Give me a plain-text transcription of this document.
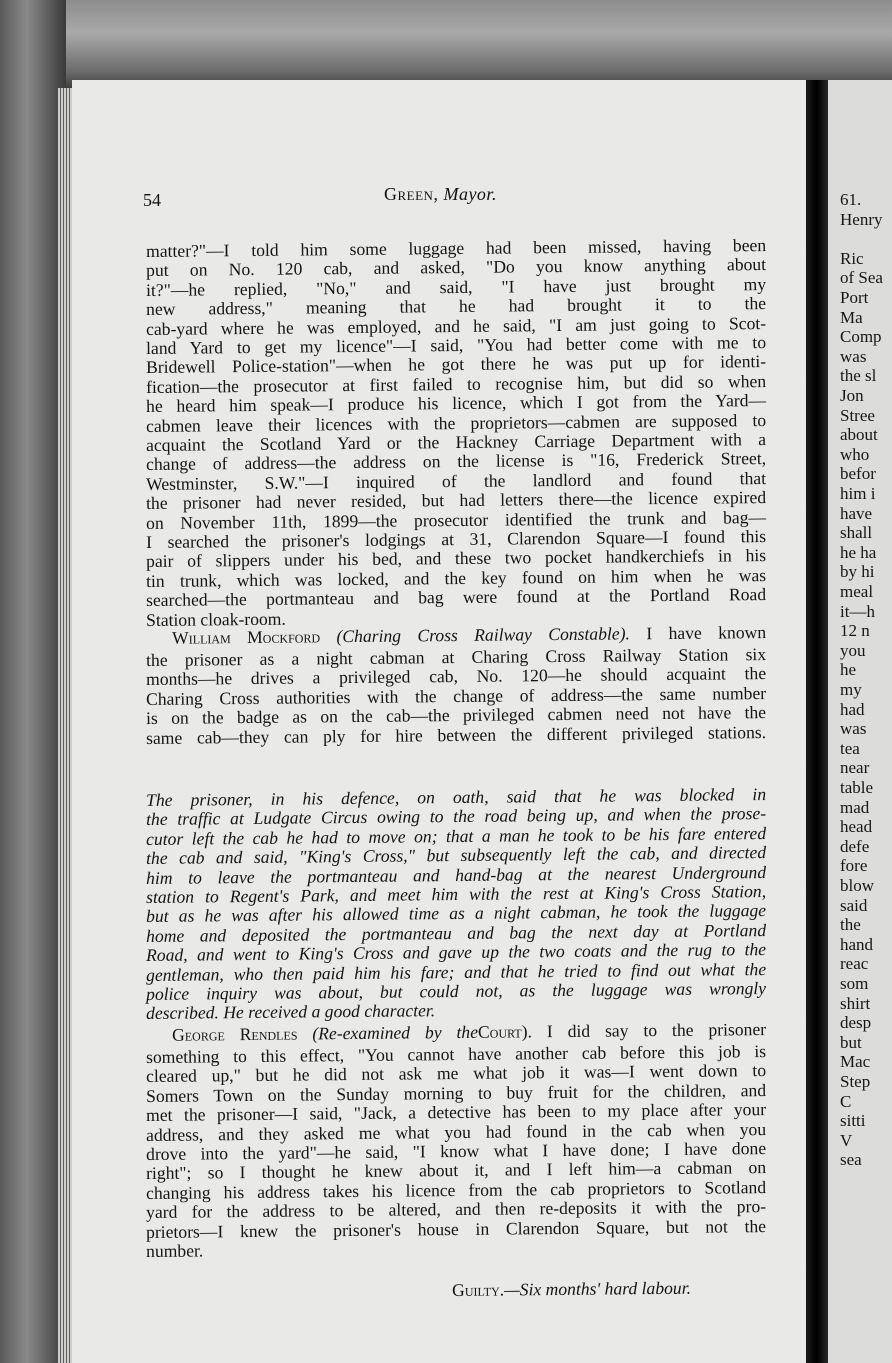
61.
Henry
Ric
of Sea
Port
Ma
Comp
was
the sl
Jon
Stree
about
who
befor
him i
have
shall
he ha
by hi
meal
it—h
12 n
you
he
my
had
was
tea
near
table
mad
head
defe
fore
blow
said
the
hand
reac
som
shirt
desp
but
Mac
Step
C
sitti
V
sea
54	Green, Mayor.
matter?"—I told him some luggage had been missed, having been
put on No. 120 cab, and asked, "Do you know anything about
it?"—he replied, "No," and said, "I have just brought my
new address," meaning that he had brought it to the
cab-yard where he was employed, and he said, "I am just going to Scot-
land Yard to get my licence"—I said, "You had better come with me to
Bridewell Police-station"—when he got there he was put up for identi-
fication—the prosecutor at first failed to recognise him, but did so when
he heard him speak—I produce his licence, which I got from the Yard—
cabmen leave their licences with the proprietors—cabmen are supposed to
acquaint the Scotland Yard or the Hackney Carriage Department with a
change of address—the address on the license is "16, Frederick Street,
Westminster, S.W."—I inquired of the landlord and found that
the prisoner had never resided, but had letters there—the licence expired
on November 11th, 1899—the prosecutor identified the trunk and bag—
I searched the prisoner's lodgings at 31, Clarendon Square—I found this
pair of slippers under his bed, and these two pocket handkerchiefs in his
tin trunk, which was locked, and the key found on him when he was
searched—the portmanteau and bag were found at the Portland Road
Station cloak-room.
William Mockford (Charing Cross Railway Constable). I have known
the prisoner as a night cabman at Charing Cross Railway Station six
months—he drives a privileged cab, No. 120—he should acquaint the
Charing Cross authorities with the change of address—the same number
is on the badge as on the cab—the privileged cabmen need not have the
same cab—they can ply for hire between the different privileged stations.
The prisoner, in his defence, on oath, said that he was blocked in
the traffic at Ludgate Circus owing to the road being up, and when the prose-
cutor left the cab he had to move on; that a man he took to be his fare entered
the cab and said, "King's Cross," but subsequently left the cab, and directed
him to leave the portmanteau and hand-bag at the nearest Underground
station to Regent's Park, and meet him with the rest at King's Cross Station,
but as he was after his allowed time as a night cabman, he took the luggage
home and deposited the portmanteau and bag the next day at Portland
Road, and went to King's Cross and gave up the two coats and the rug to the
gentleman, who then paid him his fare; and that he tried to find out what the
police inquiry was about, but could not, as the luggage was wrongly
described. He received a good character.
George Rendles (Re-examined by theCourt). I did say to the prisoner
something to this effect, "You cannot have another cab before this job is
cleared up," but he did not ask me what job it was—I went down to
Somers Town on the Sunday morning to buy fruit for the children, and
met the prisoner—I said, "Jack, a detective has been to my place after your
address, and they asked me what you had found in the cab when you
drove into the yard"—he said, "I know what I have done; I have done
right"; so I thought he knew about it, and I left him—a cabman on
changing his address takes his licence from the cab proprietors to Scotland
yard for the address to be altered, and then re-deposits it with the pro-
prietors—I knew the prisoner's house in Clarendon Square, but not the
number.
Guilty.—Six months' hard labour.
